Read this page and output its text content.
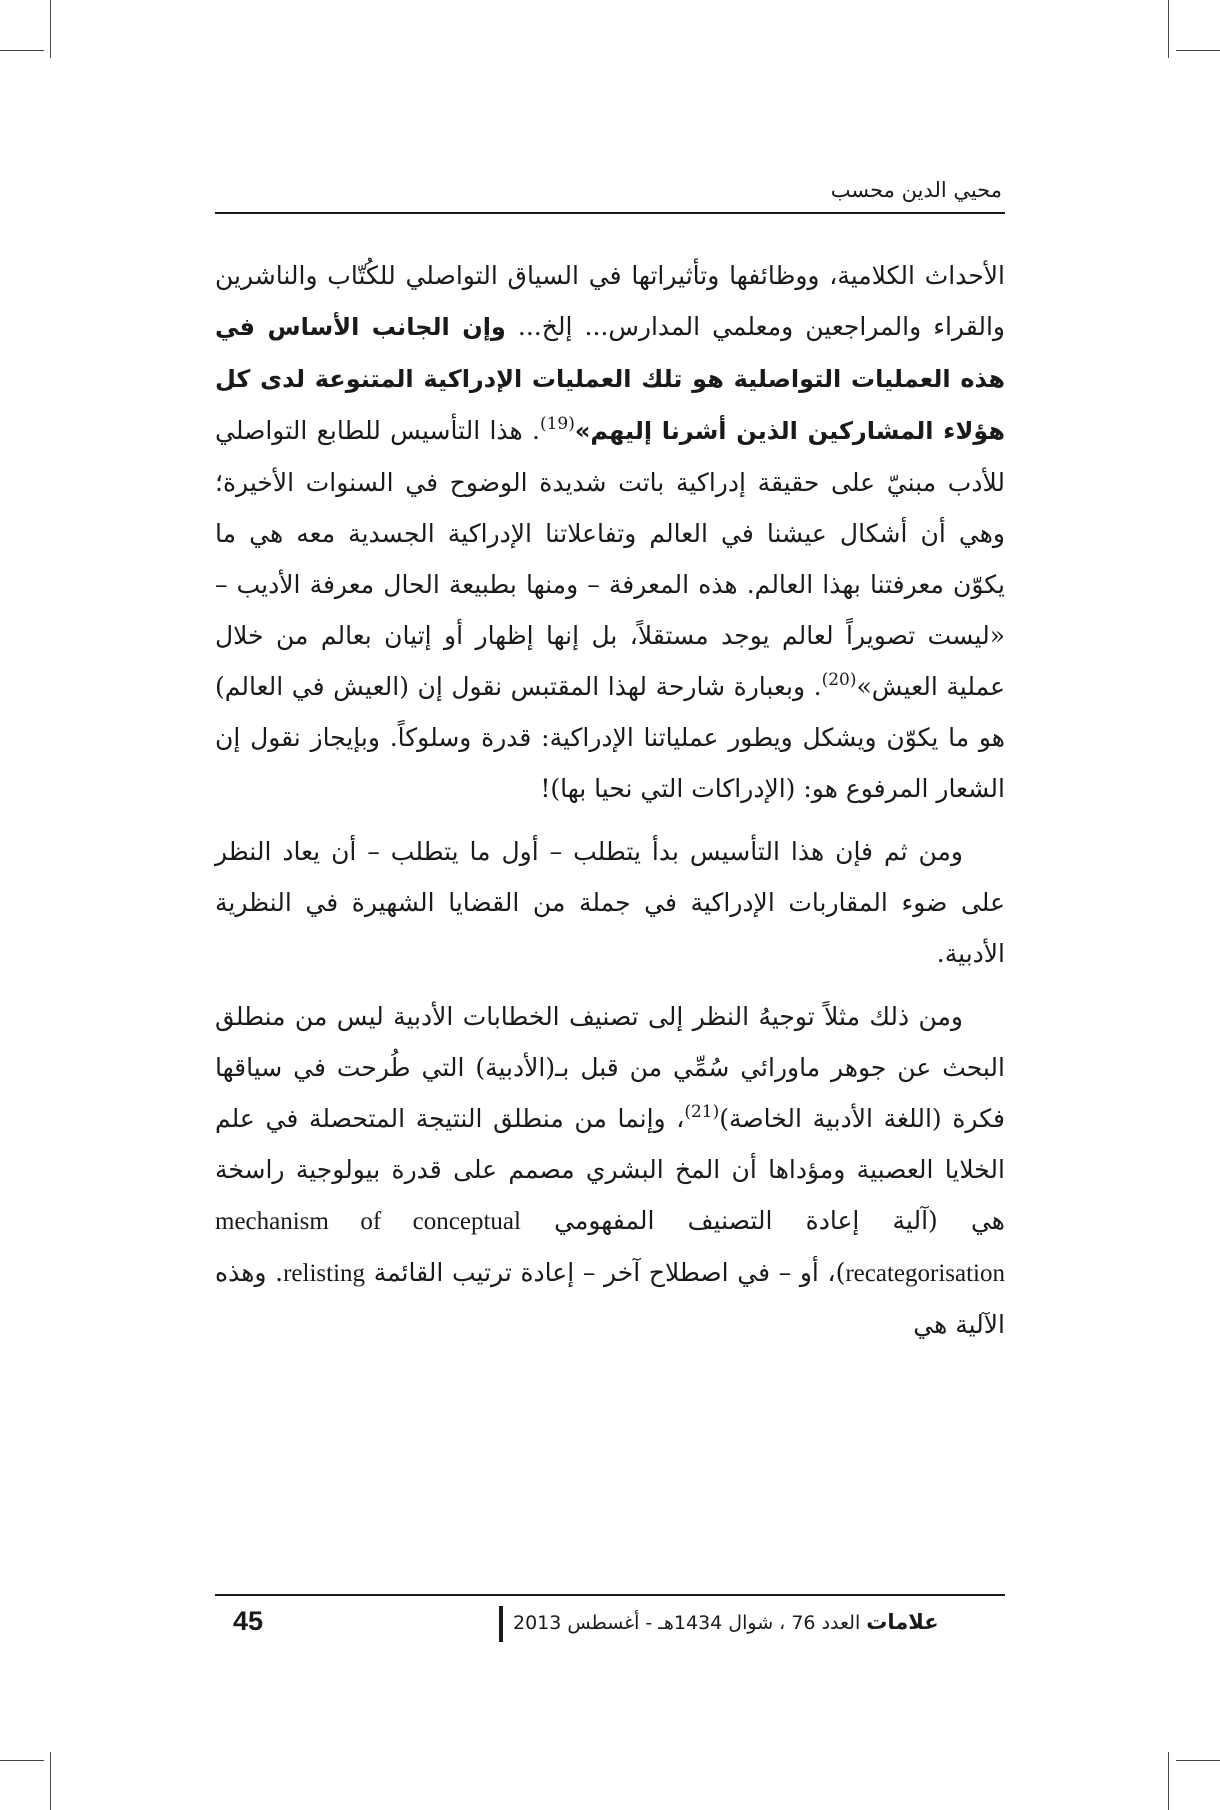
محيي الدين محسب

الأحداث الكلامية، ووظائفها وتأثيراتها في السياق التواصلي للكُتّاب والناشرين والقراء والمراجعين ومعلمي المدارس... إلخ... وإن الجانب الأساس في هذه العمليات التواصلية هو تلك العمليات الإدراكية المتنوعة لدى كل هؤلاء المشاركين الذين أشرنا إليهم»$^{(19)}$. هذا التأسيس للطابع التواصلي للأدب مبنيّ على حقيقة إدراكية باتت شديدة الوضوح في السنوات الأخيرة؛ وهي أن أشكال عيشنا في العالم وتفاعلاتنا الإدراكية الجسدية معه هي ما يكوّن معرفتنا بهذا العالم. هذه المعرفة – ومنها بطبيعة الحال معرفة الأديب – «ليست تصويراً لعالم يوجد مستقلاً، بل إنها إظهار أو إتيان بعالم من خلال عملية العيش»$^{(20)}$. وبعبارة شارحة لهذا المقتبس نقول إن (العيش في العالم) هو ما يكوّن ويشكل ويطور عملياتنا الإدراكية: قدرة وسلوكاً. وبإيجاز نقول إن الشعار المرفوع هو: (الإدراكات التي نحيا بها)!

ومن ثم فإن هذا التأسيس بدأ يتطلب – أول ما يتطلب – أن يعاد النظر على ضوء المقاربات الإدراكية في جملة من القضايا الشهيرة في النظرية الأدبية.

ومن ذلك مثلاً توجيهُ النظر إلى تصنيف الخطابات الأدبية ليس من منطلق البحث عن جوهر ماورائي سُمِّي من قبل بـ(الأدبية) التي طُرحت في سياقها فكرة (اللغة الأدبية الخاصة)$^{(21)}$، وإنما من منطلق النتيجة المتحصلة في علم الخلايا العصبية ومؤداها أن المخ البشري مصمم على قدرة بيولوجية راسخة هي (آلية إعادة التصنيف المفهومي mechanism of conceptual recategorisation)، أو – في اصطلاح آخر – إعادة ترتيب القائمة relisting. وهذه الآلية هي

45	علامات العدد 76 ، شوال 1434هـ - أغسطس 2013
